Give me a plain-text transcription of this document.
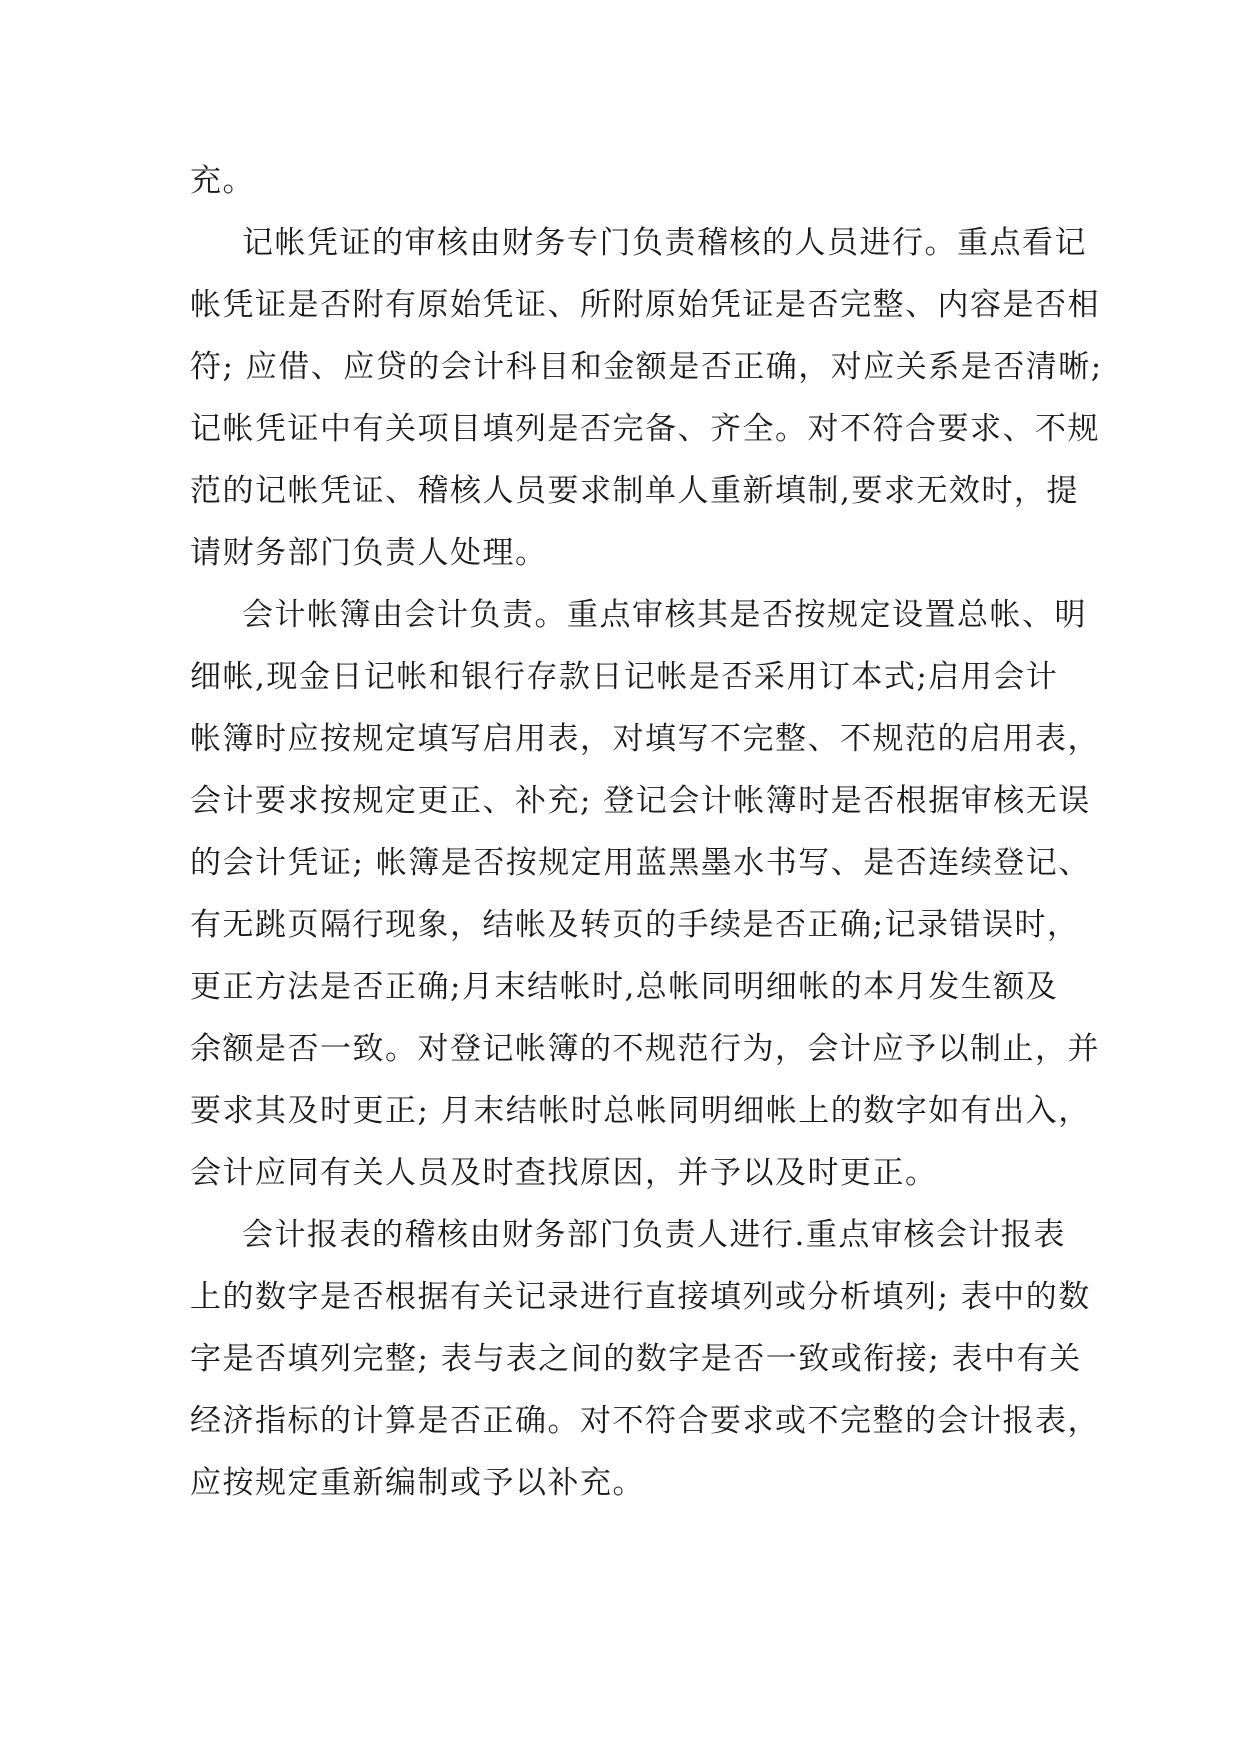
充。
记帐凭证的审核由财务专门负责稽核的人员进行。重点看记
帐凭证是否附有原始凭证、所附原始凭证是否完整、内容是否相
符; 应借、应贷的会计科目和金额是否正确，对应关系是否清晰;
记帐凭证中有关项目填列是否完备、齐全。对不符合要求、不规
范的记帐凭证、稽核人员要求制单人重新填制,要求无效时，提
请财务部门负责人处理。
会计帐簿由会计负责。重点审核其是否按规定设置总帐、明
细帐,现金日记帐和银行存款日记帐是否采用订本式;启用会计
帐簿时应按规定填写启用表，对填写不完整、不规范的启用表，
会计要求按规定更正、补充; 登记会计帐簿时是否根据审核无误
的会计凭证; 帐簿是否按规定用蓝黑墨水书写、是否连续登记、
有无跳页隔行现象，结帐及转页的手续是否正确;记录错误时，
更正方法是否正确;月末结帐时,总帐同明细帐的本月发生额及
余额是否一致。对登记帐簿的不规范行为，会计应予以制止，并
要求其及时更正; 月末结帐时总帐同明细帐上的数字如有出入，
会计应同有关人员及时查找原因，并予以及时更正。
会计报表的稽核由财务部门负责人进行.重点审核会计报表
上的数字是否根据有关记录进行直接填列或分析填列; 表中的数
字是否填列完整; 表与表之间的数字是否一致或衔接; 表中有关
经济指标的计算是否正确。对不符合要求或不完整的会计报表，
应按规定重新编制或予以补充。
